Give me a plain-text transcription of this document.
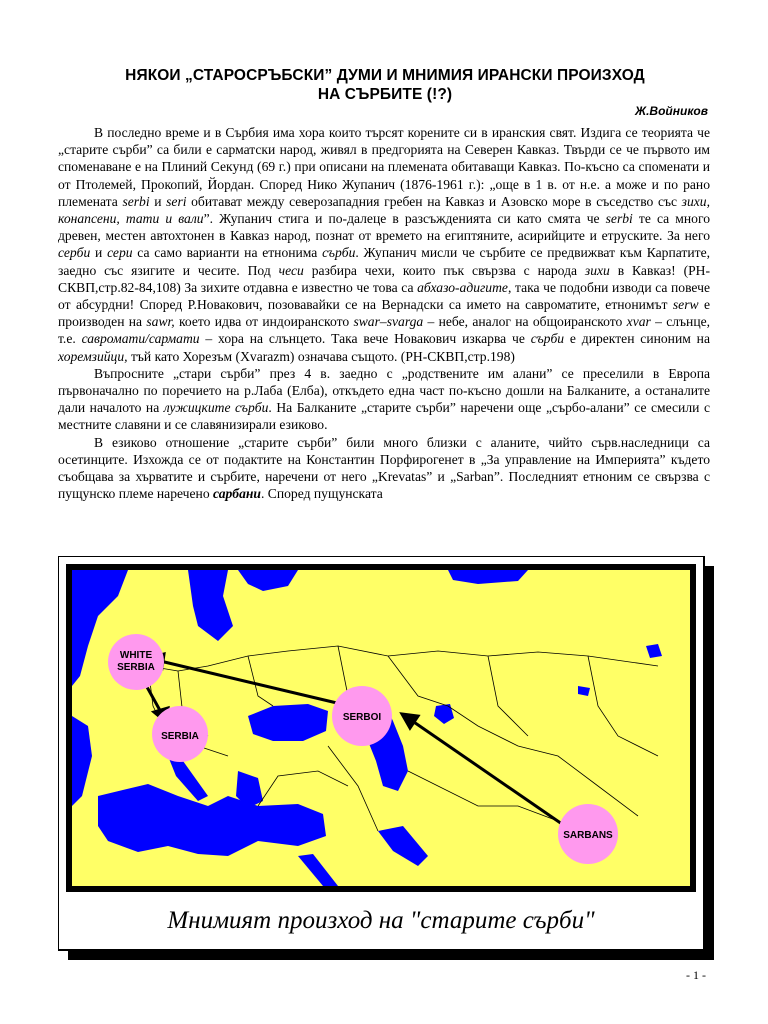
НЯКОИ „СТАРОСРЪБСКИ” ДУМИ И МНИМИЯ ИРАНСКИ ПРОИЗХОД
НА СЪРБИТЕ (!?)
Ж.Войников

В последно време и в Сърбия има хора които търсят корените си в иранския свят. Издига се теорията че „старите сърби” са били е сарматски народ, живял в предгорията на Северен Кавказ. Твърди се че първото им споменаване е на Плиний Секунд (69 г.) при описани на племената обитаващи Кавказ. По-късно са споменати и от Птолемей, Прокопий, Йордан. Според Нико Жупанич (1876-1961 г.): „още в 1 в. от н.е. а може и по рано племената serbi и seri обитават между северозападния гребен на Кавказ и Азовско море в съседство със зихи, конапсени, тати и вали”. Жупанич стига и по-далеце в разсъжденията си като смята че serbi те са много древен, местен автохтонен в Кавказ народ, познат от времето на египтяните, асирийците и етруските. За него серби и сери са само варианти на етнонима сърби. Жупанич мисли че сърбите се предвижват към Карпатите, заедно със язигите и чесите. Под чеси разбира чехи, които пък свързва с народа зихи в Кавказ! (РН-СКВП,стр.82-84,108) За зихите отдавна е известно че това са абхазо-адигите, така че подобни изводи са повече от абсурдни! Според Р.Новакович, позовавайки се на Вернадски са името на савроматите, етнонимът serw е производен на sawr, което идва от индоиранското swar–svarga – небе, аналог на общоиранското xvar – слънце, т.е. савромати/сармати – хора на слънцето. Така вече Новакович изкарва че сърби е директен синоним на хоремзийци, тъй като Хорезъм (Xvarazm) означава същото. (РН-СКВП,стр.198)

Въпросните „стари сърби” през 4 в. заедно с „родствените им алани” се преселили в Европа първоначално по поречието на р.Лаба (Елба), откъдето една част по-късно дошли на Балканите, а останалите дали началото на лужицките сърби. На Балканите „старите сърби” наречени още „сърбо-алани” се смесили с местните славяни и се славянизирали езиково.

В езиково отношение „старите сърби” били много близки с аланите, чийто сърв.наследници са осетинците. Изхожда се от подактите на Константин Порфирогенет в „За управление на Империята” където съобщава за хърватите и сърбите, наречени от него „Krevatas” и „Sarban”. Последният етноним се свързва с пущунско племе наречено сарбани. Според пущунската

WHITE
SERBIA
SERBIA
SERBOI
SARBANS
Мнимият произход на "старите сърби"
- 1 -
